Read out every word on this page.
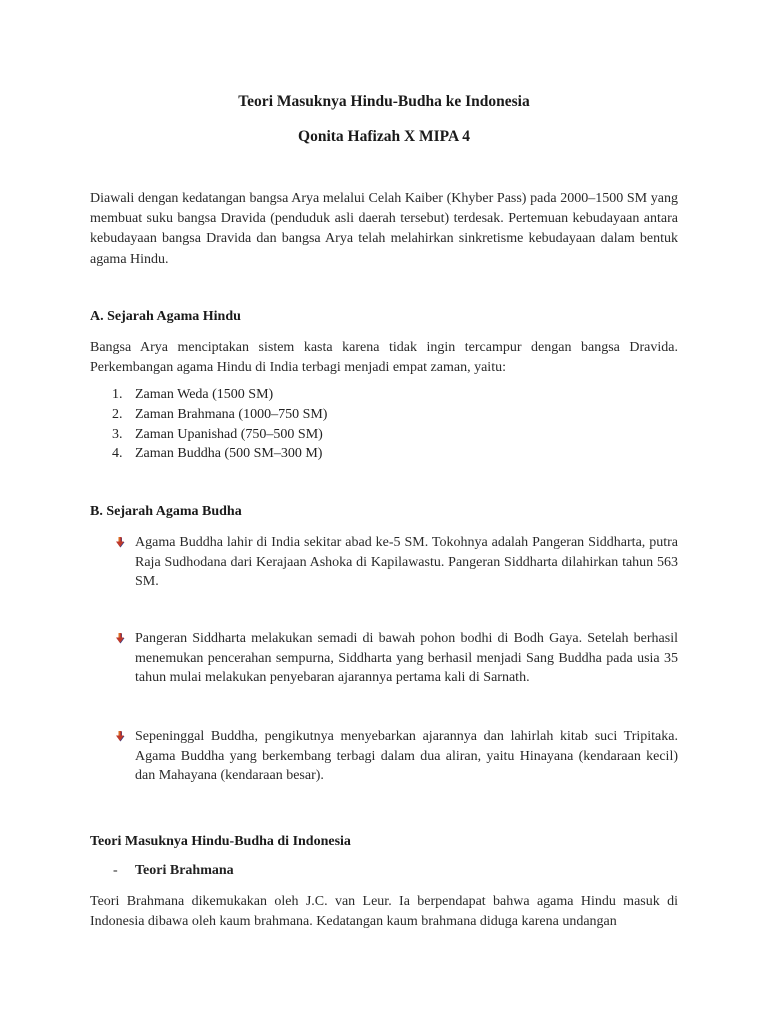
Teori Masuknya Hindu-Budha ke Indonesia
Qonita Hafizah X MIPA 4

Diawali dengan kedatangan bangsa Arya melalui Celah Kaiber (Khyber Pass) pada 2000–1500 SM yang membuat suku bangsa Dravida (penduduk asli daerah tersebut) terdesak. Pertemuan kebudayaan antara kebudayaan bangsa Dravida dan bangsa Arya telah melahirkan sinkretisme kebudayaan dalam bentuk agama Hindu.

A. Sejarah Agama Hindu

Bangsa Arya menciptakan sistem kasta karena tidak ingin tercampur dengan bangsa Dravida. Perkembangan agama Hindu di India terbagi menjadi empat zaman, yaitu:

1. Zaman Weda (1500 SM)
2. Zaman Brahmana (1000–750 SM)
3. Zaman Upanishad (750–500 SM)
4. Zaman Buddha (500 SM–300 M)
B. Sejarah Agama Budha

Agama Buddha lahir di India sekitar abad ke-5 SM. Tokohnya adalah Pangeran Siddharta, putra Raja Sudhodana dari Kerajaan Ashoka di Kapilawastu. Pangeran Siddharta dilahirkan tahun 563 SM.

Pangeran Siddharta melakukan semadi di bawah pohon bodhi di Bodh Gaya. Setelah berhasil menemukan pencerahan sempurna, Siddharta yang berhasil menjadi Sang Buddha pada usia 35 tahun mulai melakukan penyebaran ajarannya pertama kali di Sarnath.

Sepeninggal Buddha, pengikutnya menyebarkan ajarannya dan lahirlah kitab suci Tripitaka. Agama Buddha yang berkembang terbagi dalam dua aliran, yaitu Hinayana (kendaraan kecil) dan Mahayana (kendaraan besar).

Teori Masuknya Hindu-Budha di Indonesia

- Teori Brahmana

Teori Brahmana dikemukakan oleh J.C. van Leur. Ia berpendapat bahwa agama Hindu masuk di Indonesia dibawa oleh kaum brahmana. Kedatangan kaum brahmana diduga karena undangan
